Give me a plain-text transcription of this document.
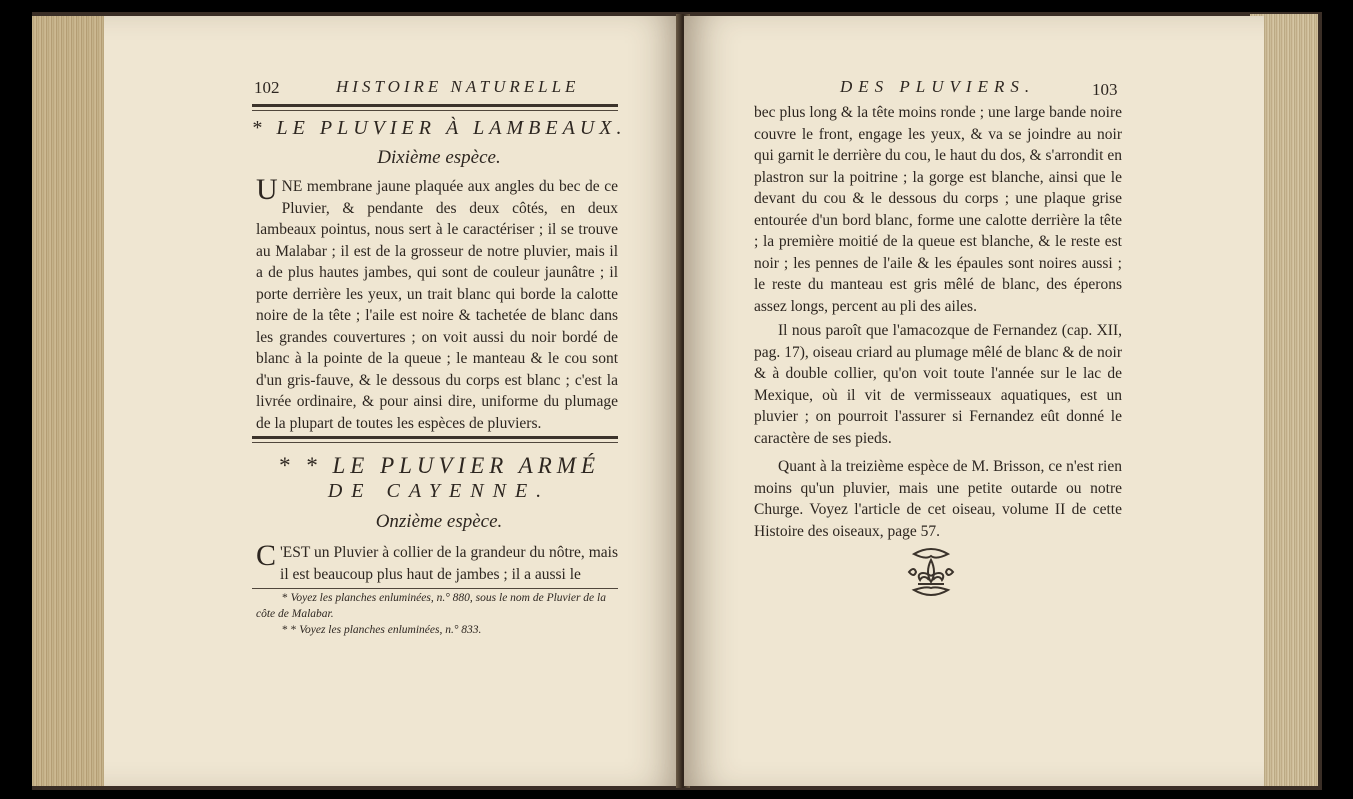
102	HISTOIRE NATURELLE
* LE PLUVIER À LAMBEAUX.
Dixième espèce.
UNE membrane jaune plaquée aux angles du bec de ce Pluvier, & pendante des deux côtés, en deux lambeaux pointus, nous sert à le caractériser ; il se trouve au Malabar ; il est de la grosseur de notre pluvier, mais il a de plus hautes jambes, qui sont de couleur jaunâtre ; il porte derrière les yeux, un trait blanc qui borde la calotte noire de la tête ; l'aile est noire & tachetée de blanc dans les grandes couvertures ; on voit aussi du noir bordé de blanc à la pointe de la queue ; le manteau & le cou sont d'un gris-fauve, & le dessous du corps est blanc ; c'est la livrée ordinaire, & pour ainsi dire, uniforme du plumage de la plupart de toutes les espèces de pluviers.
* * LE PLUVIER ARMÉ
DE CAYENNE.
Onzième espèce.
C 'EST un Pluvier à collier de la grandeur du nôtre, mais il est beaucoup plus haut de jambes ; il a aussi le
* Voyez les planches enluminées, n.° 880, sous le nom de Pluvier de la côte de Malabar.
* * Voyez les planches enluminées, n.° 833.
DES PLUVIERS.	103
bec plus long & la tête moins ronde ; une large bande noire couvre le front, engage les yeux, & va se joindre au noir qui garnit le derrière du cou, le haut du dos, & s'arrondit en plastron sur la poitrine ; la gorge est blanche, ainsi que le devant du cou & le dessous du corps ; une plaque grise entourée d'un bord blanc, forme une calotte derrière la tête ; la première moitié de la queue est blanche, & le reste est noir ; les pennes de l'aile & les épaules sont noires aussi ; le reste du manteau est gris mêlé de blanc, des éperons assez longs, percent au pli des ailes.
Il nous paroît que l'amacozque de Fernandez (cap. XII, pag. 17), oiseau criard au plumage mêlé de blanc & de noir & à double collier, qu'on voit toute l'année sur le lac de Mexique, où il vit de vermisseaux aquatiques, est un pluvier ; on pourroit l'assurer si Fernandez eût donné le caractère de ses pieds.
Quant à la treizième espèce de M. Brisson, ce n'est rien moins qu'un pluvier, mais une petite outarde ou notre Churge. Voyez l'article de cet oiseau, volume II de cette Histoire des oiseaux, page 57.
